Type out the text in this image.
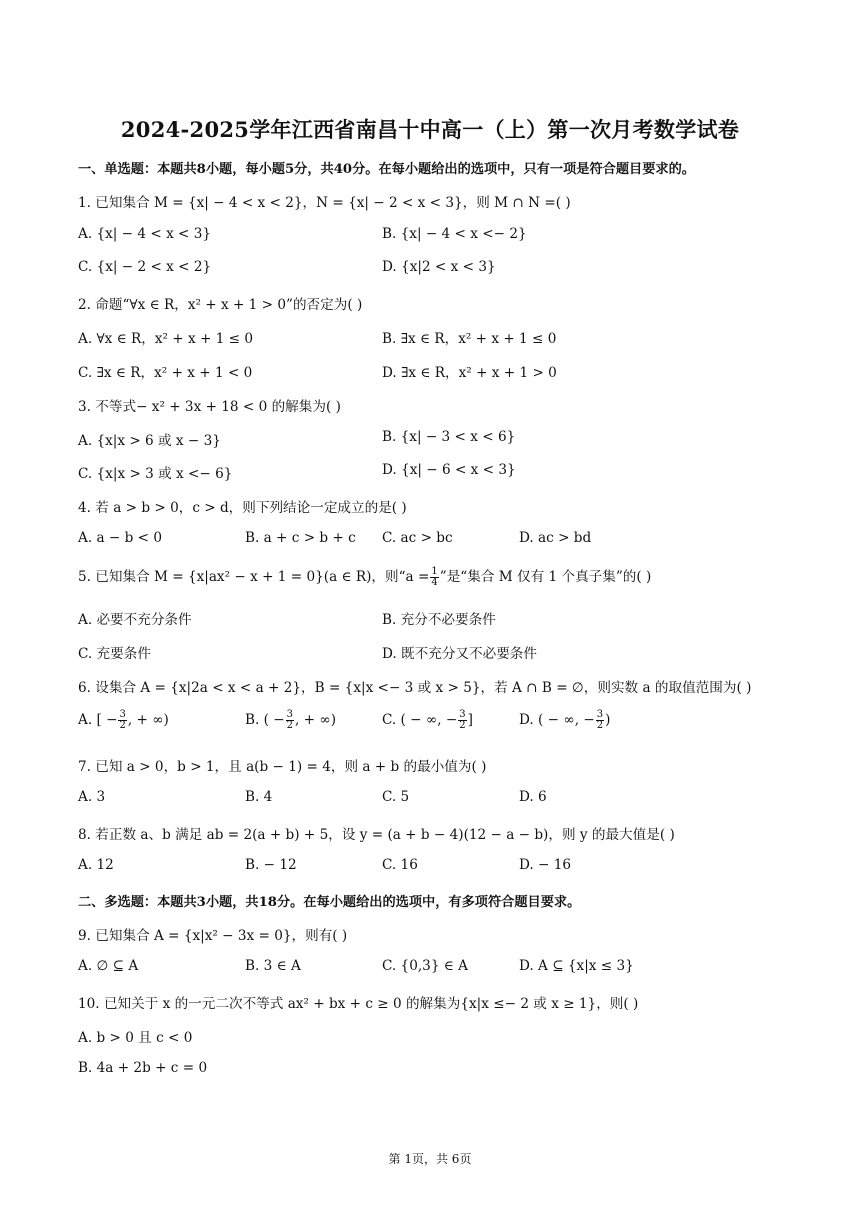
2024-2025学年江西省南昌十中高一（上）第一次月考数学试卷
一、单选题：本题共8小题，每小题5分，共40分。在每小题给出的选项中，只有一项是符合题目要求的。
1. 已知集合 M = {x| − 4 < x < 2}，N = {x| − 2 < x < 3}，则 M ∩ N =( )
A. {x| − 4 < x < 3}	B. {x| − 4 < x <− 2}
C. {x| − 2 < x < 2}	D. {x|2 < x < 3}
2. 命题“∀x ∈ R，x² + x + 1 > 0”的否定为( )
A. ∀x ∈ R，x² + x + 1 ≤ 0	B. ∃x ∈ R，x² + x + 1 ≤ 0
C. ∃x ∈ R，x² + x + 1 < 0	D. ∃x ∈ R，x² + x + 1 > 0
3. 不等式− x² + 3x + 18 < 0 的解集为( )
A. {x|x > 6 或 x − 3}	B. {x| − 3 < x < 6}
C. {x|x > 3 或 x <− 6}	D. {x| − 6 < x < 3}
4. 若 a > b > 0，c > d，则下列结论一定成立的是( )
A. a − b < 0	B. a + c > b + c C. ac > bc	D. ac > bd
5. 已知集合 M = {x|ax² − x + 1 = 0}(a ∈ R)，则“$a = \frac{1}{4}$ ”是“集合 M 仅有 1 个真子集”的( )
A. 必要不充分条件	B. 充分不必要条件
C. 充要条件	D. 既不充分又不必要条件
6. 设集合 A = {x|2a < x < a + 2}，B = {x|x <− 3 或 x > 5}，若 A ∩ B = ∅，则实数 a 的取值范围为( )
A. [ − $\frac{3}{2}$ , + ∞)	B. ( − $\frac{3}{2}$ , + ∞)	C. ( − ∞, − $\frac{3}{2}$ ]	D. ( − ∞, − $\frac{3}{2}$ )
7. 已知 a > 0，b > 1，且 a(b − 1) = 4，则 a + b 的最小值为( )
A. 3	B. 4	C. 5	D. 6
8. 若正数 a、b 满足 ab = 2(a + b) + 5，设 y = (a + b − 4)(12 − a − b)，则 y 的最大值是( )
A. 12	B. − 12	C. 16	D. − 16
二、多选题：本题共3小题，共18分。在每小题给出的选项中，有多项符合题目要求。
9. 已知集合 A = {x|x² − 3x = 0}，则有( )
A. ∅ ⊆ A	B. 3 ∈ A	C. {0,3} ∈ A	D. A ⊆ {x|x ≤ 3}
10. 已知关于 x 的一元二次不等式 ax² + bx + c ≥ 0 的解集为{x|x ≤− 2 或 x ≥ 1}，则( )
A. b > 0 且 c < 0
B. 4a + 2b + c = 0
第 1页，共 6页
